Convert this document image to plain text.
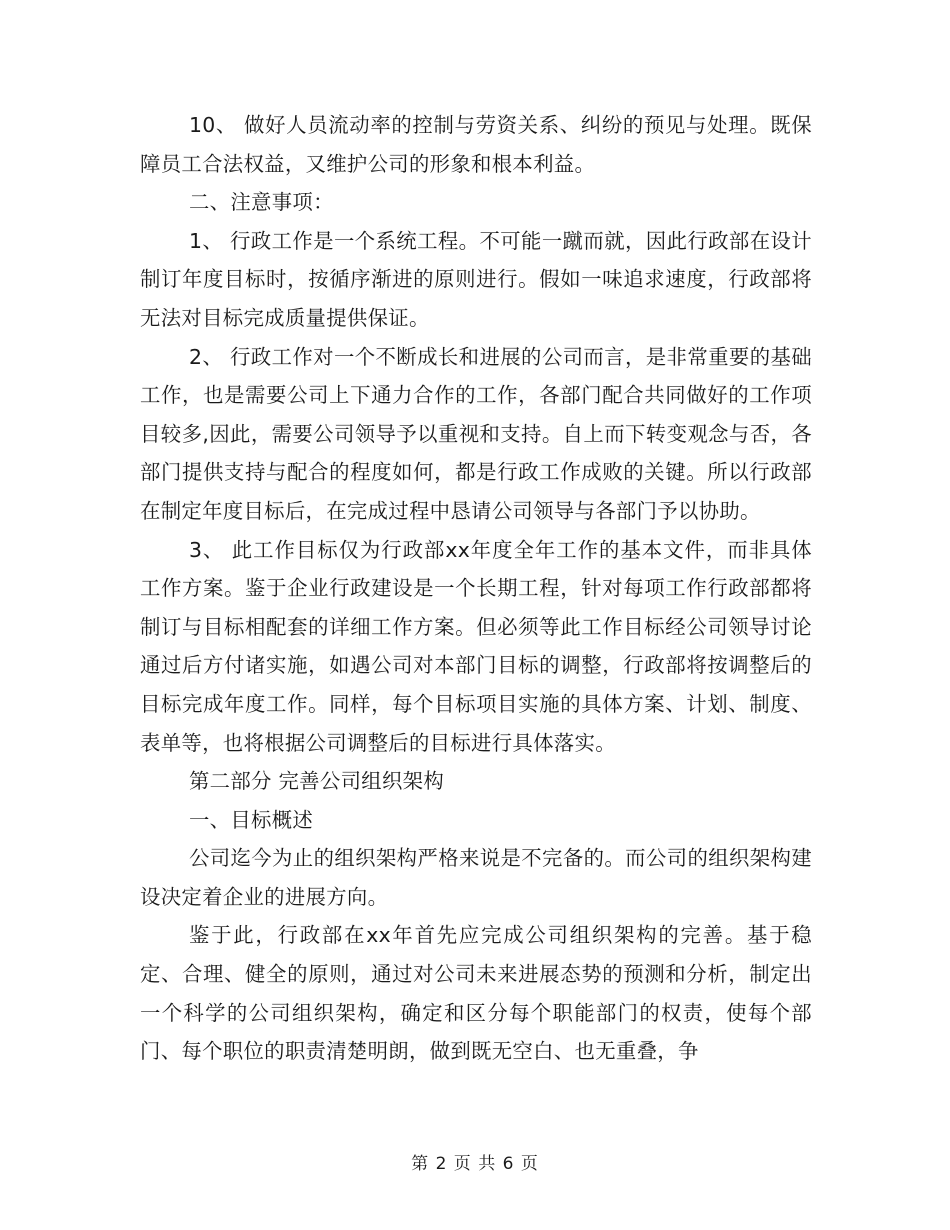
10、 做好人员流动率的控制与劳资关系、纠纷的预见与处理。既保障员工合法权益，又维护公司的形象和根本利益。

二、注意事项：

1、 行政工作是一个系统工程。不可能一蹴而就，因此行政部在设计制订年度目标时，按循序渐进的原则进行。假如一味追求速度，行政部将无法对目标完成质量提供保证。

2、 行政工作对一个不断成长和进展的公司而言，是非常重要的基础工作，也是需要公司上下通力合作的工作，各部门配合共同做好的工作项目较多,因此，需要公司领导予以重视和支持。自上而下转变观念与否，各部门提供支持与配合的程度如何，都是行政工作成败的关键。所以行政部在制定年度目标后，在完成过程中恳请公司领导与各部门予以协助。

3、 此工作目标仅为行政部xx年度全年工作的基本文件，而非具体工作方案。鉴于企业行政建设是一个长期工程，针对每项工作行政部都将制订与目标相配套的详细工作方案。但必须等此工作目标经公司领导讨论通过后方付诸实施，如遇公司对本部门目标的调整，行政部将按调整后的目标完成年度工作。同样，每个目标项目实施的具体方案、计划、制度、表单等，也将根据公司调整后的目标进行具体落实。

第二部分 完善公司组织架构

一、目标概述

公司迄今为止的组织架构严格来说是不完备的。而公司的组织架构建设决定着企业的进展方向。

鉴于此，行政部在xx年首先应完成公司组织架构的完善。基于稳定、合理、健全的原则，通过对公司未来进展态势的预测和分析，制定出一个科学的公司组织架构，确定和区分每个职能部门的权责，使每个部门、每个职位的职责清楚明朗，做到既无空白、也无重叠，争

第 2 页 共 6 页
